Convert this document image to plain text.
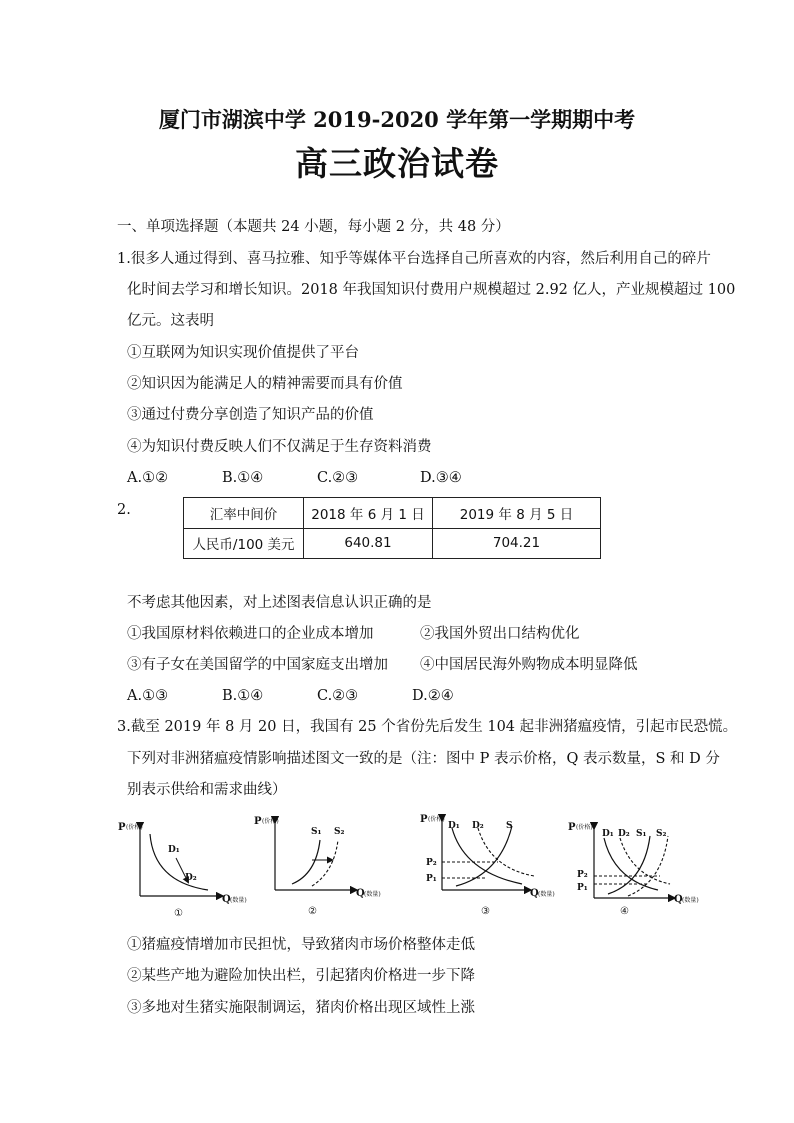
厦门市湖滨中学 2019-2020 学年第一学期期中考
高三政治试卷
一、单项选择题（本题共 24 小题，每小题 2 分，共 48 分）
1.很多人通过得到、喜马拉雅、知乎等媒体平台选择自己所喜欢的内容，然后利用自己的碎片
化时间去学习和增长知识。2018 年我国知识付费用户规模超过 2.92 亿人，产业规模超过 100
亿元。这表明
①互联网为知识实现价值提供了平台
②知识因为能满足人的精神需要而具有价值
③通过付费分享创造了知识产品的价值
④为知识付费反映人们不仅满足于生存资料消费
A.①②	B.①④	C.②③	D.③④
2.	汇率中间价	2018 年 6 月 1 日	2019 年 8 月 5 日
人民币/100 美元	640.81	704.21
不考虑其他因素，对上述图表信息认识正确的是
①我国原材料依赖进口的企业成本增加	②我国外贸出口结构优化
③有子女在美国留学的中国家庭支出增加 ④中国居民海外购物成本明显降低
A.①③	B.①④	C.②③	D.②④
3.截至 2019 年 8 月 20 日，我国有 25 个省份先后发生 104 起非洲猪瘟疫情，引起市民恐慌。
下列对非洲猪瘟疫情影响描述图文一致的是（注：图中 P 表示价格，Q 表示数量，S 和 D 分
别表示供给和需求曲线）
P (价格)
Q (数量)
D₁
D₂
①
P (价格)
Q (数量)
S₁ S₂
②
P (价格)
Q (数量)
P₂
P₁
D₁ D₂ S
③
P (价格)
Q (数量)
P₂
P₁
D₁ D₂ S₁ S₂
④
①猪瘟疫情增加市民担忧，导致猪肉市场价格整体走低
②某些产地为避险加快出栏，引起猪肉价格进一步下降
③多地对生猪实施限制调运，猪肉价格出现区域性上涨
